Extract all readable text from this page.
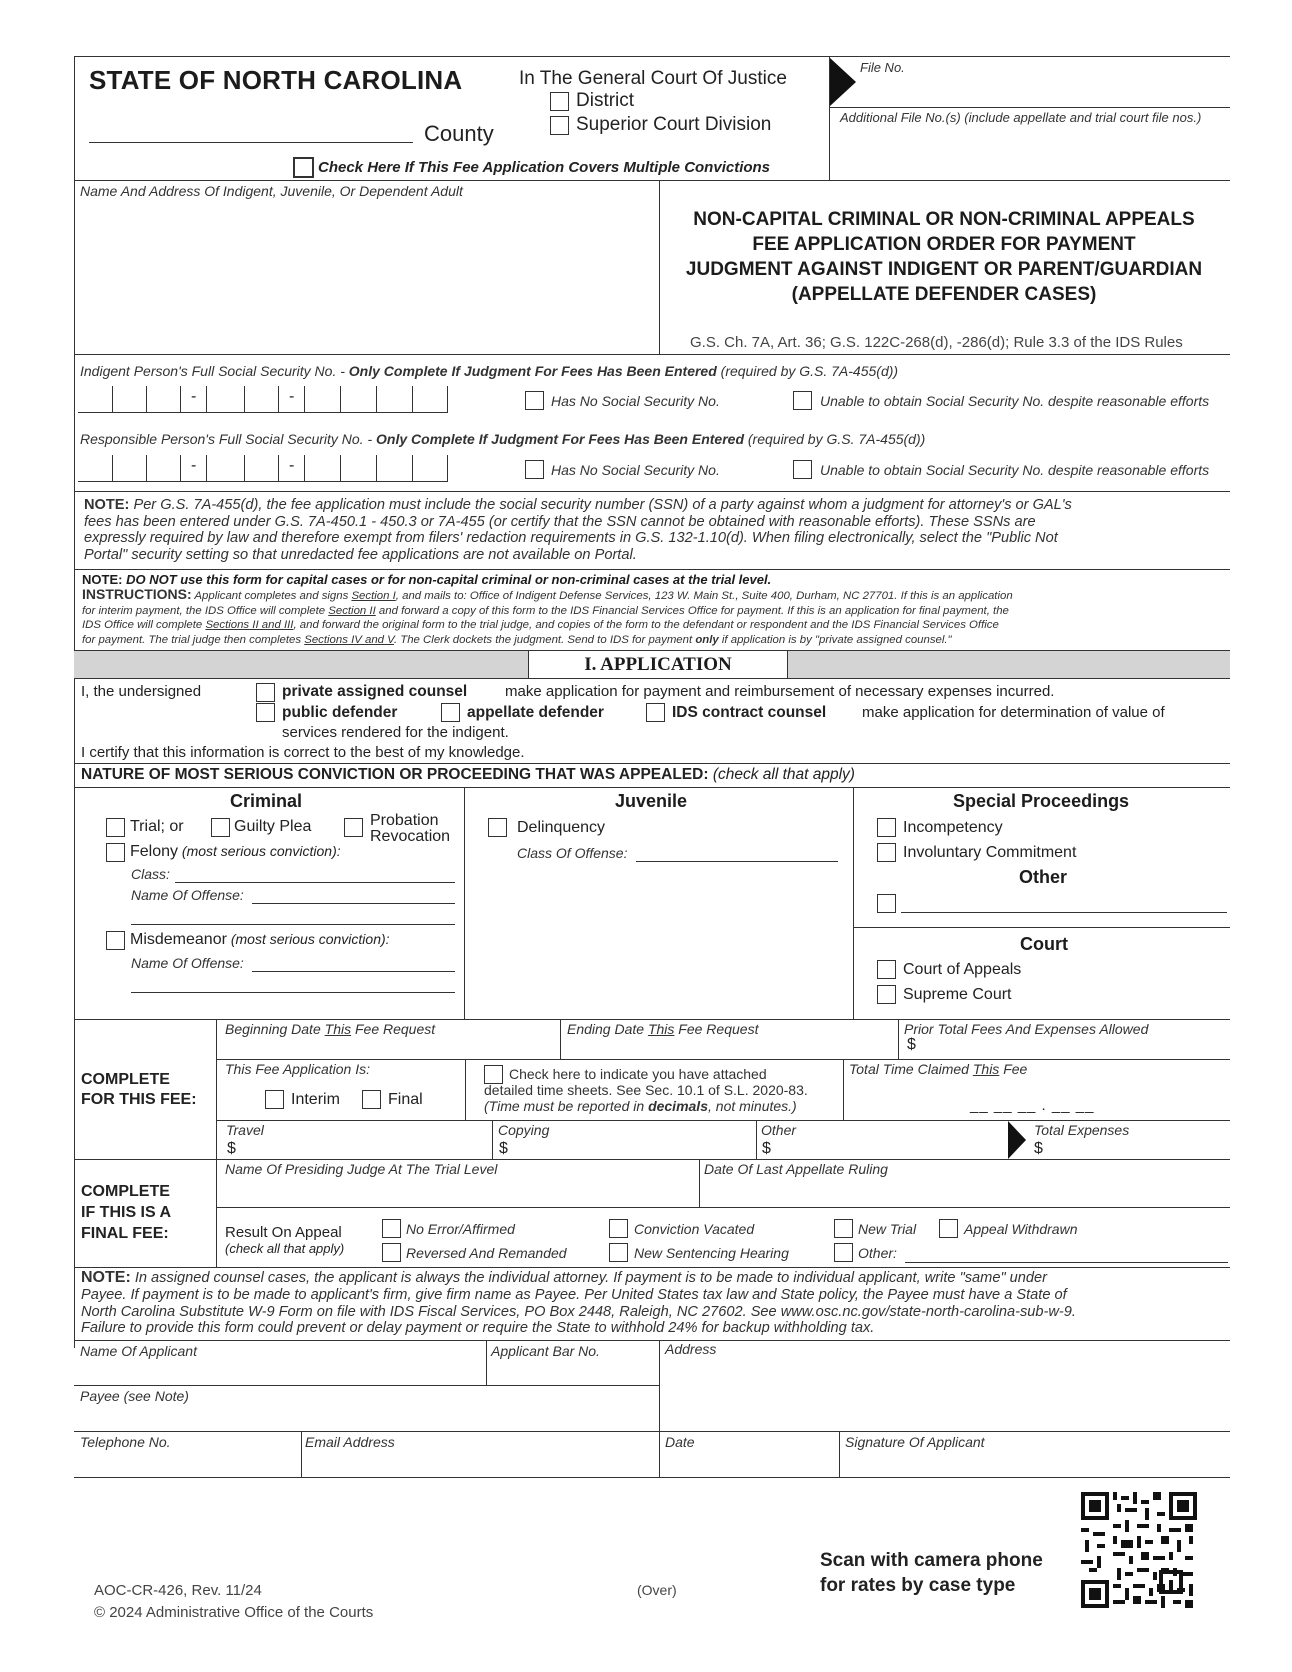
STATE OF NORTH CAROLINA
County
In The General Court Of Justice
District
Superior Court Division
Check Here If This Fee Application Covers Multiple Convictions
File No.
Additional File No.(s) (include appellate and trial court file nos.)
Name And Address Of Indigent, Juvenile, Or Dependent Adult
NON-CAPITAL CRIMINAL OR NON-CRIMINAL APPEALS
FEE APPLICATION ORDER FOR PAYMENT
JUDGMENT AGAINST INDIGENT OR PARENT/GUARDIAN
(APPELLATE DEFENDER CASES)
G.S. Ch. 7A, Art. 36; G.S. 122C-268(d), -286(d); Rule 3.3 of the IDS Rules
Indigent Person's Full Social Security No. - Only Complete If Judgment For Fees Has Been Entered (required by G.S. 7A-455(d))
-	-	Has No Social Security No.	Unable to obtain Social Security No. despite reasonable efforts
Responsible Person's Full Social Security No. - Only Complete If Judgment For Fees Has Been Entered (required by G.S. 7A-455(d))
-	-	Has No Social Security No.	Unable to obtain Social Security No. despite reasonable efforts
NOTE: Per G.S. 7A-455(d), the fee application must include the social security number (SSN) of a party against whom a judgment for attorney's or GAL's
fees has been entered under G.S. 7A-450.1 - 450.3 or 7A-455 (or certify that the SSN cannot be obtained with reasonable efforts). These SSNs are
expressly required by law and therefore exempt from filers' redaction requirements in G.S. 132-1.10(d). When filing electronically, select the "Public Not
Portal" security setting so that unredacted fee applications are not available on Portal.
NOTE: DO NOT use this form for capital cases or for non-capital criminal or non-criminal cases at the trial level.
INSTRUCTIONS: Applicant completes and signs Section I, and mails to: Office of Indigent Defense Services, 123 W. Main St., Suite 400, Durham, NC 27701. If this is an application
for interim payment, the IDS Office will complete Section II and forward a copy of this form to the IDS Financial Services Office for payment. If this is an application for final payment, the
IDS Office will complete Sections II and III, and forward the original form to the trial judge, and copies of the form to the defendant or respondent and the IDS Financial Services Office
for payment. The trial judge then completes Sections IV and V. The Clerk dockets the judgment. Send to IDS for payment only if application is by "private assigned counsel."
I. APPLICATION
I, the undersigned	private assigned counsel	make application for payment and reimbursement of necessary expenses incurred.
public defender	appellate defender	IDS contract counsel make application for determination of value of
services rendered for the indigent.
I certify that this information is correct to the best of my knowledge.
NATURE OF MOST SERIOUS CONVICTION OR PROCEEDING THAT WAS APPEALED: (check all that apply)
Criminal
Trial; or	Guilty Plea	Probation
Revocation
Felony (most serious conviction):
Class:
Name Of Offense:
Misdemeanor (most serious conviction):
Name Of Offense:
Juvenile
Delinquency
Class Of Offense:
Special Proceedings
Incompetency
Involuntary Commitment
Other
Court
Court of Appeals
Supreme Court
COMPLETE
FOR THIS FEE:
Beginning Date This Fee Request	Ending Date This Fee Request	Prior Total Fees And Expenses Allowed
$
This Fee Application Is:
Interim	Final
Check here to indicate you have attached
detailed time sheets. See Sec. 10.1 of S.L. 2020-83.
(Time must be reported in decimals, not minutes.)
Total Time Claimed This Fee
__ __ __ . __ __
Travel
$
Copying
$
Other
$
Total Expenses
$
COMPLETE
IF THIS IS A
FINAL FEE:
Name Of Presiding Judge At The Trial Level	Date Of Last Appellate Ruling
Result On Appeal
(check all that apply)
No Error/Affirmed	Conviction Vacated	New Trial	Appeal Withdrawn
Reversed And Remanded	New Sentencing Hearing	Other:
NOTE: In assigned counsel cases, the applicant is always the individual attorney. If payment is to be made to individual applicant, write "same" under
Payee. If payment is to be made to applicant's firm, give firm name as Payee. Per United States tax law and State policy, the Payee must have a State of
North Carolina Substitute W-9 Form on file with IDS Fiscal Services, PO Box 2448, Raleigh, NC 27602. See www.osc.nc.gov/state-north-carolina-sub-w-9.
Failure to provide this form could prevent or delay payment or require the State to withhold 24% for backup withholding tax.
Name Of Applicant	Applicant Bar No.	Address
Payee (see Note)
Telephone No.	Email Address	Date	Signature Of Applicant
Scan with camera phone
for rates by case type
AOC-CR-426, Rev. 11/24	(Over)
© 2024 Administrative Office of the Courts
